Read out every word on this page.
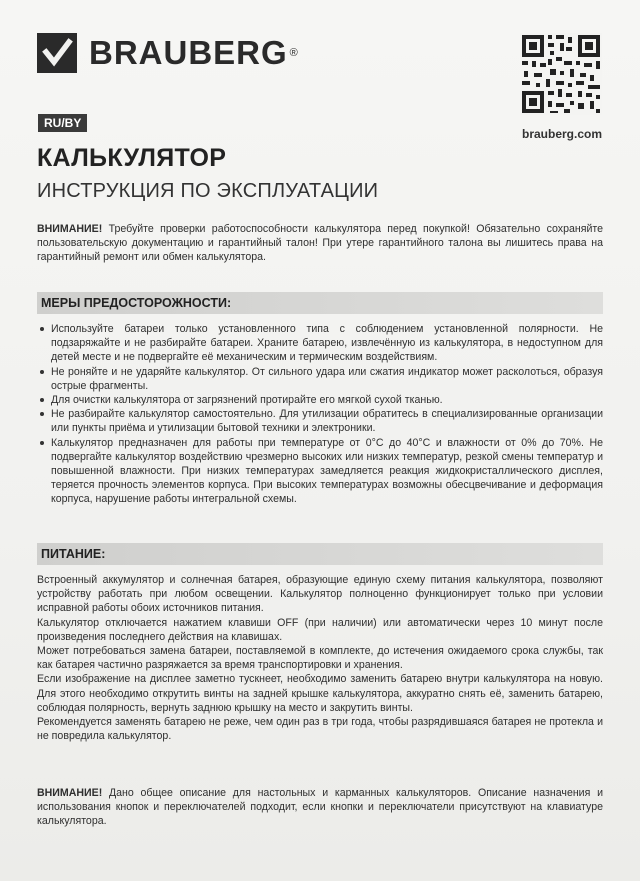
BRAUBERG ®
brauberg.com
RU/BY
КАЛЬКУЛЯТОР
ИНСТРУКЦИЯ ПО ЭКСПЛУАТАЦИИ

ВНИМАНИЕ! Требуйте проверки работоспособности калькулятора перед покупкой! Обязательно сохраняйте пользовательскую документацию и гарантийный талон! При утере гарантийного талона вы лишитесь права на гарантийный ремонт или обмен калькулятора.

МЕРЫ ПРЕДОСТОРОЖНОСТИ:
Используйте батареи только установленного типа с соблюдением установленной полярности. Не подзаряжайте и не разбирайте батареи. Храните батарею, извлечённую из калькулятора, в недоступном для детей месте и не подвергайте её механическим и термическим воздействиям.
Не роняйте и не ударяйте калькулятор. От сильного удара или сжатия индикатор может расколоться, образуя острые фрагменты.
Для очистки калькулятора от загрязнений протирайте его мягкой сухой тканью.
Не разбирайте калькулятор самостоятельно. Для утилизации обратитесь в специализированные организации или пункты приёма и утилизации бытовой техники и электроники.
Калькулятор предназначен для работы при температуре от 0°С до 40°С и влажности от 0% до 70%. Не подвергайте калькулятор воздействию чрезмерно высоких или низких температур, резкой смены температур и повышенной влажности. При низких температурах замедляется реакция жидкокристаллического дисплея, теряется прочность элементов корпуса. При высоких температурах возможны обесцвечивание и деформация корпуса, нарушение работы интегральной схемы.
ПИТАНИЕ:

Встроенный аккумулятор и солнечная батарея, образующие единую схему питания калькулятора, позволяют устройству работать при любом освещении. Калькулятор полноценно функционирует только при условии исправной работы обоих источников питания.

Калькулятор отключается нажатием клавиши OFF (при наличии) или автоматически через 10 минут после произведения последнего действия на клавишах.

Может потребоваться замена батареи, поставляемой в комплекте, до истечения ожидаемого срока службы, так как батарея частично разряжается за время транспортировки и хранения.

Если изображение на дисплее заметно тускнеет, необходимо заменить батарею внутри калькулятора на новую. Для этого необходимо открутить винты на задней крышке калькулятора, аккуратно снять её, заменить батарею, соблюдая полярность, вернуть заднюю крышку на место и закрутить винты.

Рекомендуется заменять батарею не реже, чем один раз в три года, чтобы разрядившаяся батарея не протекла и не повредила калькулятор.

ВНИМАНИЕ! Дано общее описание для настольных и карманных калькуляторов. Описание назначения и использования кнопок и переключателей подходит, если кнопки и переключатели присутствуют на клавиатуре калькулятора.
